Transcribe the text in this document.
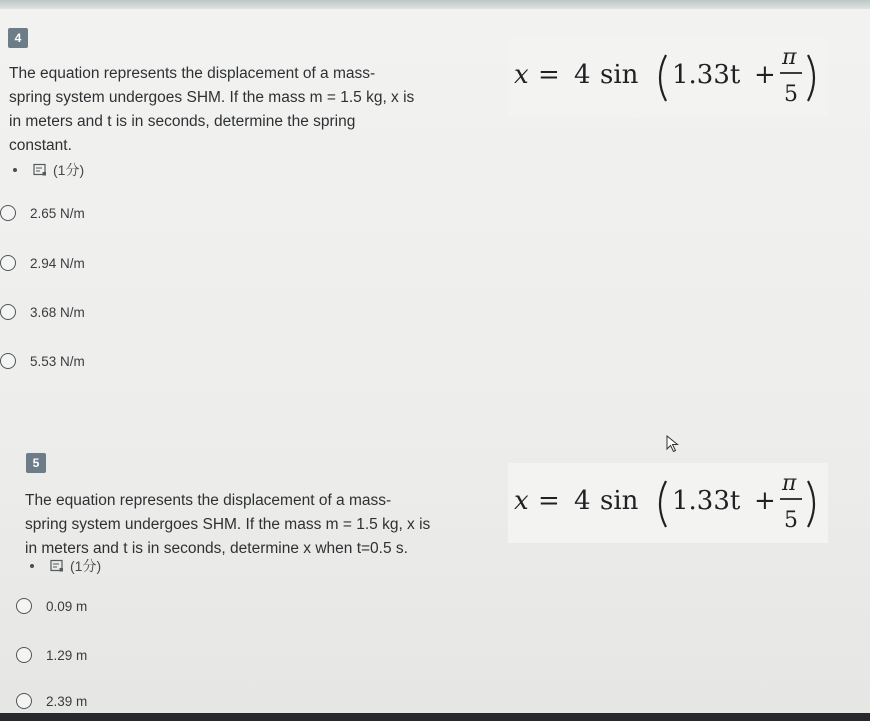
4
The equation represents the displacement of a mass-
spring system undergoes SHM. If the mass m = 1.5 kg, x is
in meters and t is in seconds, determine the spring
constant.
(1分)
x = 4 sin 1.33t +
π
5
2.65 N/m
2.94 N/m
3.68 N/m
5.53 N/m
5
The equation represents the displacement of a mass-
spring system undergoes SHM. If the mass m = 1.5 kg, x is
in meters and t is in seconds, determine x when t=0.5 s.
(1分)
x = 4 sin 1.33t +
π
5
0.09 m
1.29 m
2.39 m
